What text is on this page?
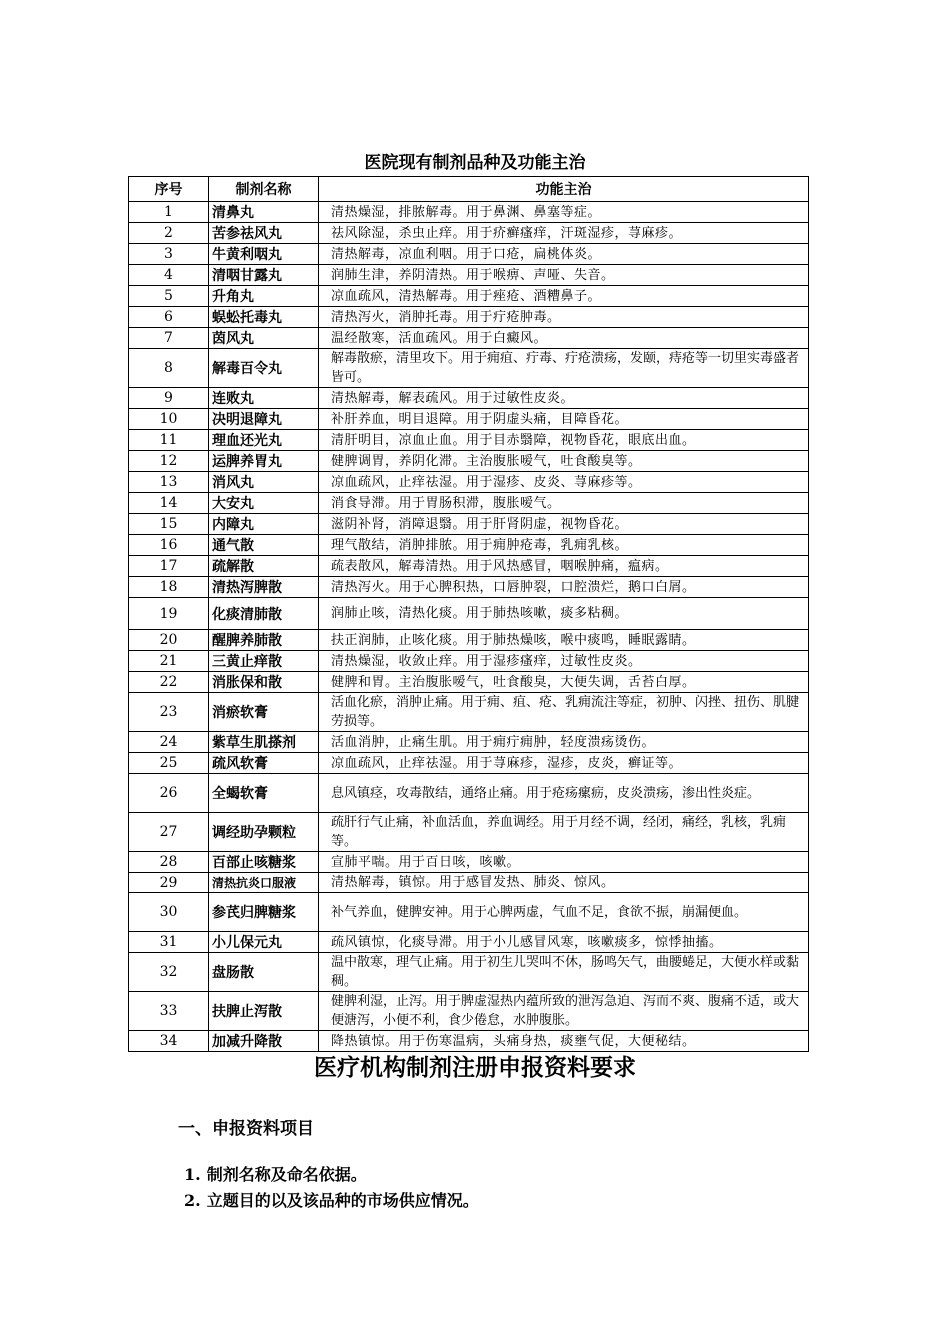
医院现有制剂品种及功能主治
序号	制剂名称	功能主治
1	清鼻丸	清热燥湿，排脓解毒。用于鼻渊、鼻塞等症。
2	苦参祛风丸	祛风除湿，杀虫止痒。用于疥癣瘙痒，汗斑湿疹，荨麻疹。
3	牛黄利咽丸	清热解毒，凉血利咽。用于口疮，扁桃体炎。
4	清咽甘露丸	润肺生津，养阴清热。用于喉痹、声哑、失音。
5	升角丸	凉血疏风，清热解毒。用于痤疮、酒糟鼻子。
6	蜈蚣托毒丸	清热泻火，消肿托毒。用于疔疮肿毒。
7	茵风丸	温经散寒，活血疏风。用于白癜风。
8	解毒百令丸	解毒散瘀，清里攻下。用于痈疽、疔毒、疔疮溃疡，发颐，痔疮等一切里实毒盛者皆可。
9	连败丸	清热解毒，解表疏风。用于过敏性皮炎。
10	决明退障丸	补肝养血，明目退障。用于阴虚头痛，目障昏花。
11	理血还光丸	清肝明目，凉血止血。用于目赤翳障，视物昏花，眼底出血。
12	运脾养胃丸	健脾调胃，养阴化滞。主治腹胀嗳气，吐食酸臭等。
13	消风丸	凉血疏风，止痒祛湿。用于湿疹、皮炎、荨麻疹等。
14	大安丸	消食导滞。用于胃肠积滞，腹胀嗳气。
15	内障丸	滋阴补肾，消障退翳。用于肝肾阴虚，视物昏花。
16	通气散	理气散结，消肿排脓。用于痈肿疮毒，乳痈乳核。
17	疏解散	疏表散风，解毒清热。用于风热感冒，咽喉肿痛，瘟病。
18	清热泻脾散	清热泻火。用于心脾积热，口唇肿裂，口腔溃烂，鹅口白屑。
19	化痰清肺散	润肺止咳，清热化痰。用于肺热咳嗽，痰多粘稠。
20	醒脾养肺散	扶正润肺，止咳化痰。用于肺热燥咳，喉中痰鸣，睡眠露睛。
21	三黄止痒散	清热燥湿，收敛止痒。用于湿疹瘙痒，过敏性皮炎。
22	消胀保和散	健脾和胃。主治腹胀嗳气，吐食酸臭，大便失调，舌苔白厚。
23	消瘀软膏	活血化瘀，消肿止痛。用于痈、疽、疮、乳痈流注等症，初肿、闪挫、扭伤、肌腱劳损等。
24	紫草生肌搽剂	活血消肿，止痛生肌。用于痈疔痈肿，轻度溃疡烫伤。
25	疏风软膏	凉血疏风，止痒祛湿。用于荨麻疹，湿疹，皮炎，癣证等。
26	全蝎软膏	息风镇痉，攻毒散结，通络止痛。用于疮疡瘰疬，皮炎溃疡，渗出性炎症。
27	调经助孕颗粒	疏肝行气止痛，补血活血，养血调经。用于月经不调，经闭，痛经，乳核，乳痈等。
28	百部止咳糖浆	宣肺平喘。用于百日咳，咳嗽。
29	清热抗炎口服液	清热解毒，镇惊。用于感冒发热、肺炎、惊风。
30	参芪归脾糖浆	补气养血，健脾安神。用于心脾两虚，气血不足，食欲不振，崩漏便血。
31	小儿保元丸	疏风镇惊，化痰导滞。用于小儿感冒风寒，咳嗽痰多，惊悸抽搐。
32	盘肠散	温中散寒，理气止痛。用于初生儿哭叫不休，肠鸣矢气，曲腰蜷足，大便水样或黏稠。
33	扶脾止泻散	健脾利湿，止泻。用于脾虚湿热内蕴所致的泄泻急迫、泻而不爽、腹痛不适，或大便溏泻，小便不利，食少倦怠，水肿腹胀。
34	加减升降散	降热镇惊。用于伤寒温病，头痛身热，痰壅气促，大便秘结。
医疗机构制剂注册申报资料要求
一、申报资料项目
1. 制剂名称及命名依据。
2. 立题目的以及该品种的市场供应情况。
